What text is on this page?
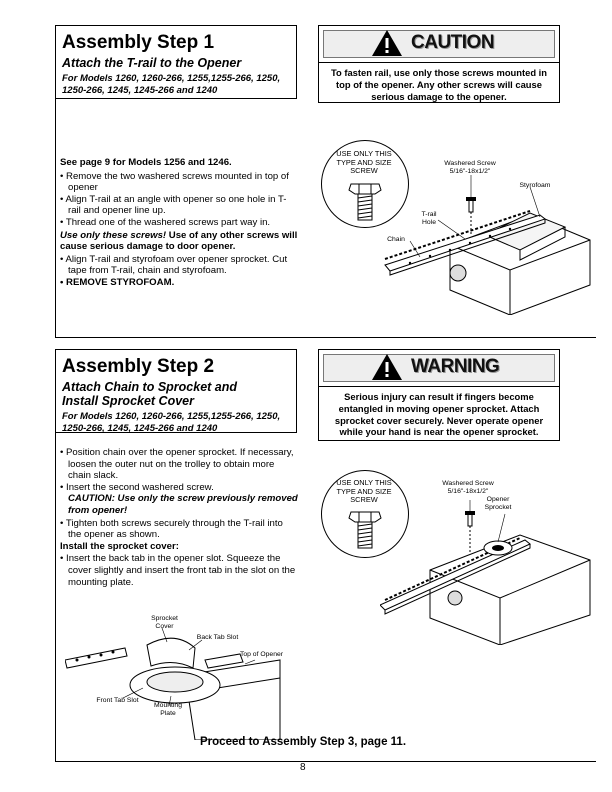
Assembly Step 1
Attach the T-rail to the Opener
For Models 1260, 1260-266, 1255,1255-266, 1250, 1250-266, 1245, 1245-266 and 1240

See page 9 for Models 1256 and 1246.

• Remove the two washered screws mounted in top of opener

• Align T-rail at an angle with opener so one hole in T-rail and opener line up.

• Thread one of the washered screws part way in.

Use only these screws! Use of any other screws will cause serious damage to door opener.

• Align T-rail and styrofoam over opener sprocket. Cut tape from T-rail, chain and styrofoam.

• REMOVE STYROFOAM.

CAUTION
To fasten rail, use only those screws mounted in top of the opener. Any other screws will cause serious damage to the opener.
USE ONLY THIS TYPE AND SIZE SCREW
Washered Screw
5/16"-18x1/2"
Styrofoam
T-rail
Hole
Chain
Assembly Step 2
Attach Chain to Sprocket and
Install Sprocket Cover
For Models 1260, 1260-266, 1255,1255-266, 1250, 1250-266, 1245, 1245-266 and 1240

• Position chain over the opener sprocket. If necessary, loosen the outer nut on the trolley to obtain more chain slack.

• Insert the second washered screw.

CAUTION: Use only the screw previously removed from opener!

• Tighten both screws securely through the T-rail into the opener as shown.

Install the sprocket cover:

• Insert the back tab in the opener slot. Squeeze the cover slightly and insert the front tab in the slot on the mounting plate.

WARNING
Serious injury can result if fingers become entangled in moving opener sprocket. Attach sprocket cover securely. Never operate opener while your hand is near the opener sprocket.
USE ONLY THIS TYPE AND SIZE SCREW
Washered Screw
5/16"-18x1/2"
Opener
Sprocket
Sprocket
Cover
Back Tab Slot
Top of Opener
Front Tab Slot
Mounting
Plate
Proceed to Assembly Step 3, page 11.
8
